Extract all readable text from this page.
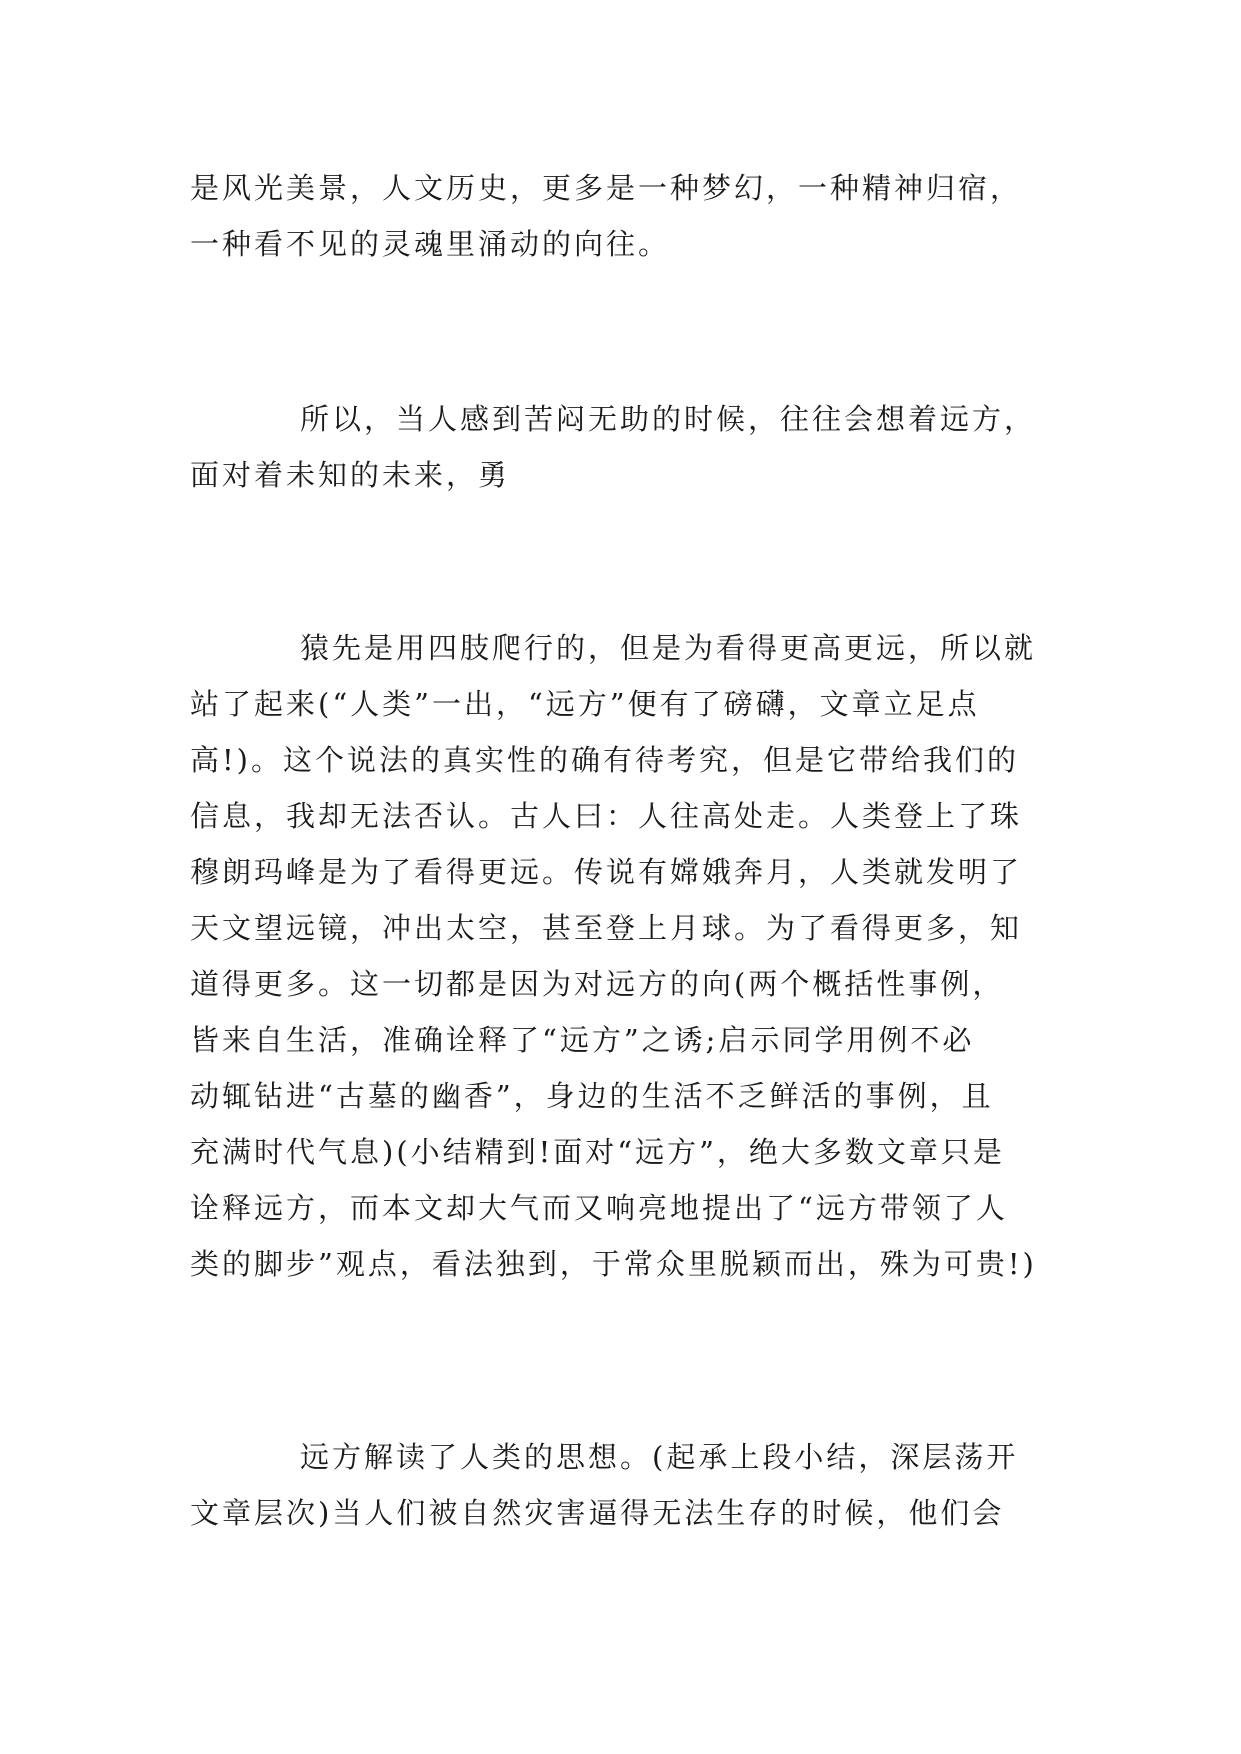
是风光美景，人文历史，更多是一种梦幻，一种精神归宿，
一种看不见的灵魂里涌动的向往。
所以，当人感到苦闷无助的时候，往往会想着远方，
面对着未知的未来，勇
猿先是用四肢爬行的，但是为看得更高更远，所以就
站了起来(“人类”一出，“远方”便有了磅礴，文章立足点
高!)。这个说法的真实性的确有待考究，但是它带给我们的
信息，我却无法否认。古人曰：人往高处走。人类登上了珠
穆朗玛峰是为了看得更远。传说有嫦娥奔月，人类就发明了
天文望远镜，冲出太空，甚至登上月球。为了看得更多，知
道得更多。这一切都是因为对远方的向(两个概括性事例，
皆来自生活，准确诠释了“远方”之诱;启示同学用例不必
动辄钻进“古墓的幽香”，身边的生活不乏鲜活的事例，且
充满时代气息)(小结精到!面对“远方”，绝大多数文章只是
诠释远方，而本文却大气而又响亮地提出了“远方带领了人
类的脚步”观点，看法独到，于常众里脱颖而出，殊为可贵!)
远方解读了人类的思想。(起承上段小结，深层荡开
文章层次)当人们被自然灾害逼得无法生存的时候，他们会
